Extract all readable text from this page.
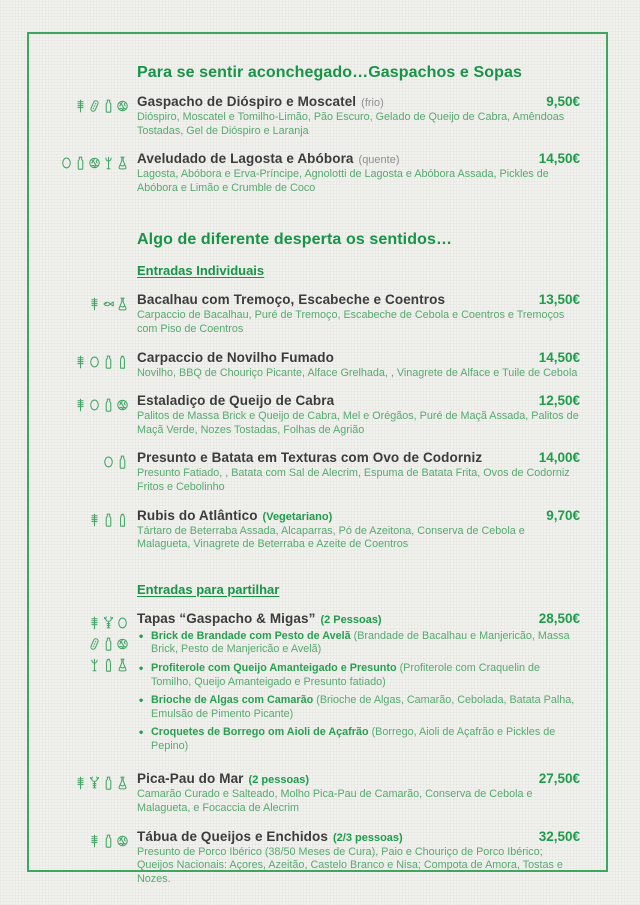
Para se sentir aconchegado…Gaspachos e Sopas
Gaspacho de Dióspiro e Moscatel (frio)	9,50€
Dióspiro, Moscatel e Tomilho-Limão, Pão Escuro, Gelado de Queijo de Cabra, Amêndoas Tostadas, Gel de Dióspiro e Laranja
Aveludado de Lagosta e Abóbora (quente)	14,50€
Lagosta, Abóbora e Erva-Príncipe, Agnolotti de Lagosta e Abóbora Assada, Pickles de Abóbora e Limão e Crumble de Coco
Algo de diferente desperta os sentidos…
Entradas Individuais
Bacalhau com Tremoço, Escabeche e Coentros	13,50€
Carpaccio de Bacalhau, Puré de Tremoço, Escabeche de Cebola e Coentros e Tremoços com Piso de Coentros
Carpaccio de Novilho Fumado	14,50€
Novilho, BBQ de Chouriço Picante, Alface Grelhada, , Vinagrete de Alface e Tuile de Cebola
Estaladiço de Queijo de Cabra	12,50€
Palitos de Massa Brick e Queijo de Cabra, Mel e Orégãos, Puré de Maçã Assada, Palitos de Maçã Verde, Nozes Tostadas, Folhas de Agrião
Presunto e Batata em Texturas com Ovo de Codorniz	14,00€
Presunto Fatiado, , Batata com Sal de Alecrim, Espuma de Batata Frita, Ovos de Codorniz Fritos e Cebolinho
Rubis do Atlântico (Vegetariano)	9,70€
Tártaro de Beterraba Assada, Alcaparras, Pó de Azeitona, Conserva de Cebola e Malagueta, Vinagrete de Beterraba e Azeite de Coentros
Entradas para partilhar
Tapas “Gaspacho & Migas” (2 Pessoas)	28,50€
• Brick de Brandade com Pesto de Avelã (Brandade de Bacalhau e Manjericão, Massa Brick, Pesto de Manjericão e Avelã)
• Profiterole com Queijo Amanteigado e Presunto (Profiterole com Craquelin de Tomilho, Queijo Amanteigado e Presunto fatiado)
• Brioche de Algas com Camarão (Brioche de Algas, Camarão, Cebolada, Batata Palha, Emulsão de Pimento Picante)
• Croquetes de Borrego om Aioli de Açafrão (Borrego, Aioli de Açafrão e Pickles de Pepino)
Pica-Pau do Mar (2 pessoas)	27,50€
Camarão Curado e Salteado, Molho Pica-Pau de Camarão, Conserva de Cebola e Malagueta, e Focaccia de Alecrim
Tábua de Queijos e Enchidos (2/3 pessoas)	32,50€
Presunto de Porco Ibérico (38/50 Meses de Cura), Paio e Chouriço de Porco Ibérico; Queijos Nacionais: Açores, Azeitão, Castelo Branco e Nisa; Compota de Amora, Tostas e Nozes.
